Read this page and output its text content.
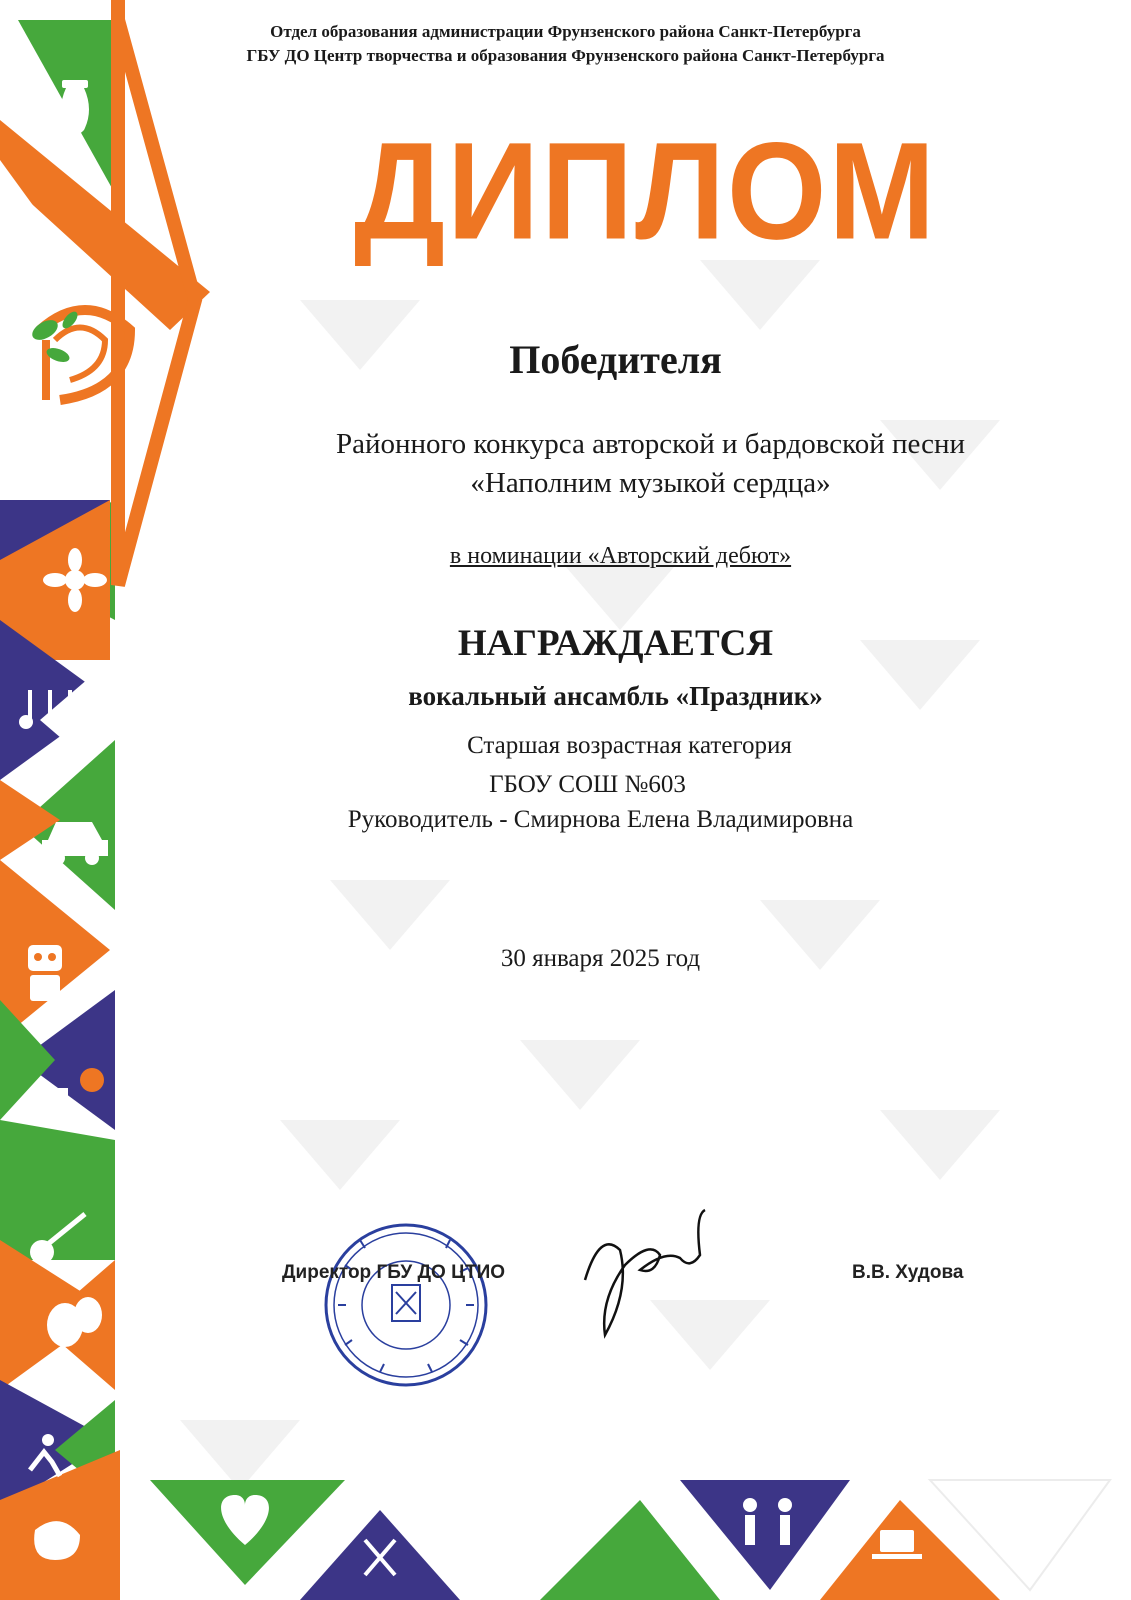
Отдел образования администрации Фрунзенского района Санкт-Петербурга
ГБУ ДО Центр творчества и образования Фрунзенского района Санкт-Петербурга
ДИПЛОМ
Победителя
Районного конкурса авторской и бардовской песни
«Наполним музыкой сердца»
в номинации «Авторский дебют»
НАГРАЖДАЕТСЯ
вокальный ансамбль «Праздник»
Старшая возрастная категория
ГБОУ СОШ №603
Руководитель - Смирнова Елена Владимировна
30 января 2025 год
Директор ГБУ ДО ЦТИО	В.В. Худова
